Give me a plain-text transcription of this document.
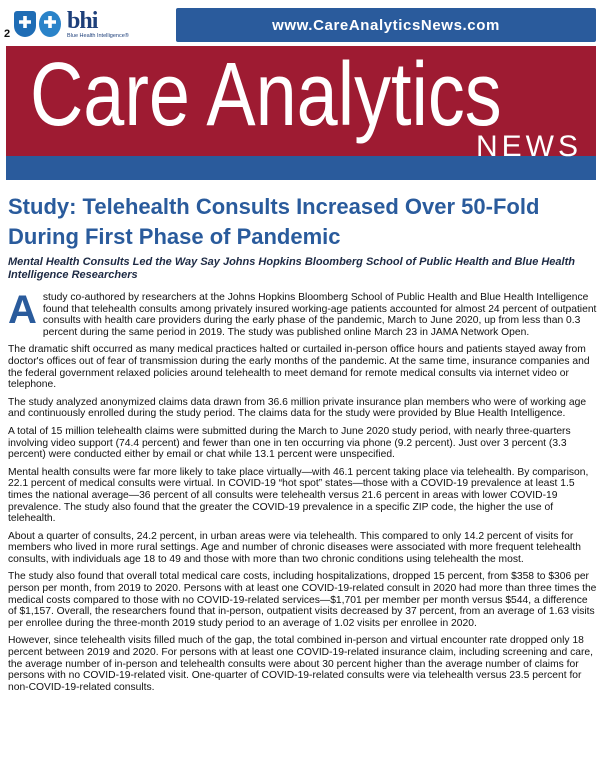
bhi
Blue Health Intelligence®
2
www.CareAnalyticsNews.com
Care Analytics
NEWS
Study: Telehealth Consults Increased Over 50-Fold During First Phase of Pandemic
Mental Health Consults Led the Way Say Johns Hopkins Bloomberg School of Public Health and Blue Health Intelligence Researchers

Astudy co-authored by researchers at the Johns Hopkins Bloomberg School of Public Health and Blue Health Intelligence found that telehealth consults among privately insured working-age patients accounted for almost 24 percent of outpatient consults with health care providers during the early phase of the pandemic, March to June 2020, up from less than 0.3 percent during the same period in 2019. The study was published online March 23 in JAMA Network Open.

The dramatic shift occurred as many medical practices halted or curtailed in-person office hours and patients stayed away from doctor's offices out of fear of transmission during the early months of the pandemic. At the same time, insurance companies and the federal government relaxed policies around telehealth to meet demand for remote medical consults via internet video or telephone.

The study analyzed anonymized claims data drawn from 36.6 million private insurance plan members who were of working age and continuously enrolled during the study period. The claims data for the study were provided by Blue Health Intelligence.

A total of 15 million telehealth claims were submitted during the March to June 2020 study period, with nearly three-quarters involving video support (74.4 percent) and fewer than one in ten occurring via phone (9.2 percent). Just over 3 percent (3.3 percent) were conducted either by email or chat while 13.1 percent were unspecified.

Mental health consults were far more likely to take place virtually—with 46.1 percent taking place via telehealth. By comparison, 22.1 percent of medical consults were virtual. In COVID-19 “hot spot” states—those with a COVID-19 prevalence at least 1.5 times the national average—36 percent of all consults were telehealth versus 21.6 percent in areas with lower COVID-19 prevalence. The study also found that the greater the COVID-19 prevalence in a specific ZIP code, the higher the use of telehealth.

About a quarter of consults, 24.2 percent, in urban areas were via telehealth. This compared to only 14.2 percent of visits for members who lived in more rural settings. Age and number of chronic diseases were associated with more frequent telehealth consults, with individuals age 18 to 49 and those with more than two chronic conditions using telehealth the most.

The study also found that overall total medical care costs, including hospitalizations, dropped 15 percent, from $358 to $306 per person per month, from 2019 to 2020. Persons with at least one COVID-19-related consult in 2020 had more than three times the medical costs compared to those with no COVID-19-related services—$1,701 per member per month versus $544, a difference of $1,157. Overall, the researchers found that in-person, outpatient visits decreased by 37 percent, from an average of 1.63 visits per enrollee during the three-month 2019 study period to an average of 1.02 visits per enrollee in 2020.

However, since telehealth visits filled much of the gap, the total combined in-person and virtual encounter rate dropped only 18 percent between 2019 and 2020. For persons with at least one COVID-19-related insurance claim, including screening and care, the average number of in-person and telehealth consults were about 30 percent higher than the average number of claims for persons with no COVID-19-related visit. One-quarter of COVID-19-related consults were via telehealth versus 23.5 percent for non-COVID-19-related consults.
